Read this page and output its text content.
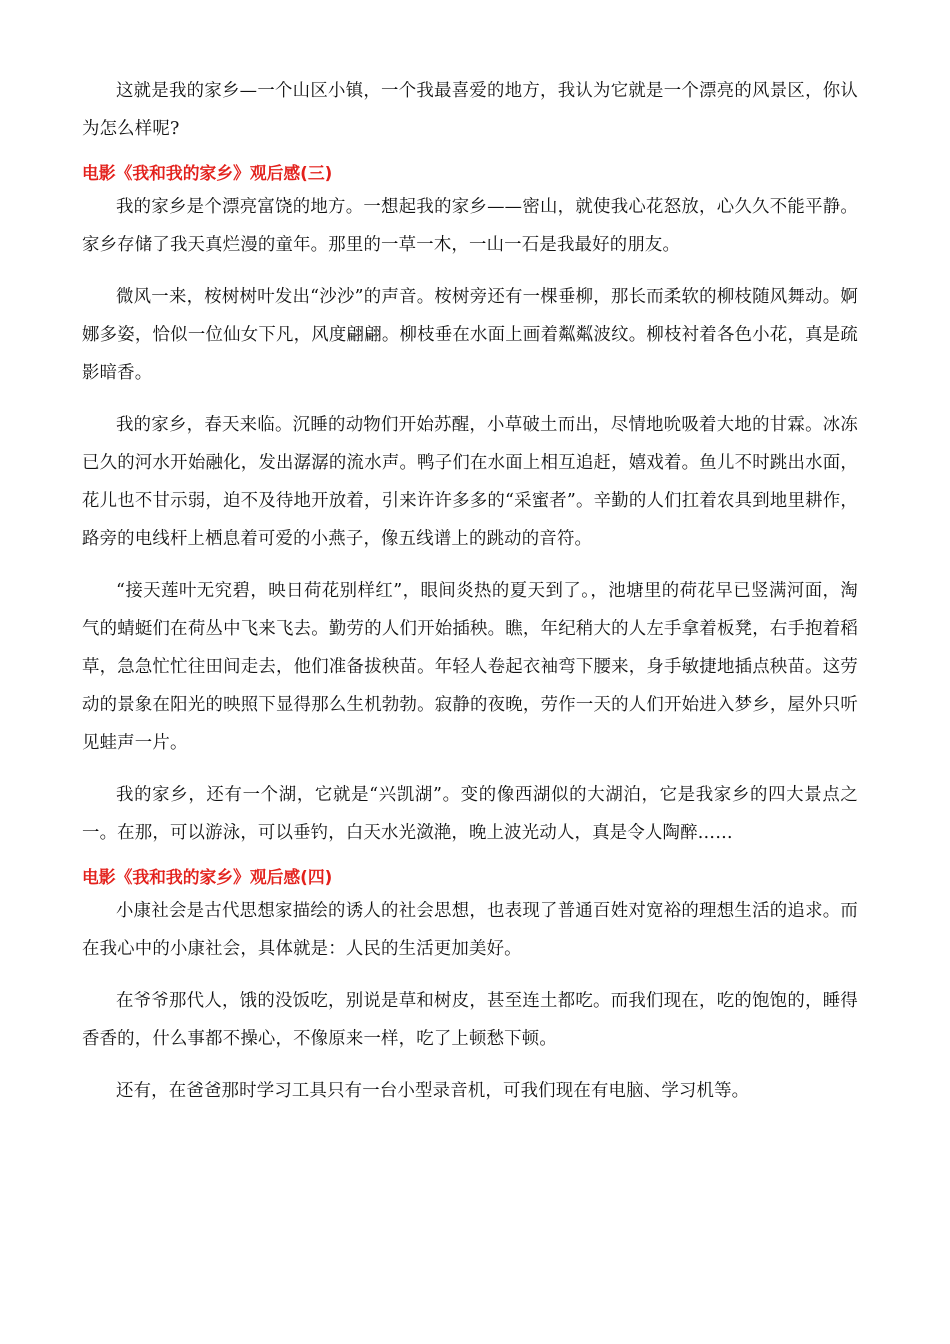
这就是我的家乡—一个山区小镇，一个我最喜爱的地方，我认为它就是一个漂亮的风景区，你认为怎么样呢?

电影《我和我的家乡》观后感(三)

我的家乡是个漂亮富饶的地方。一想起我的家乡——密山，就使我心花怒放，心久久不能平静。家乡存储了我天真烂漫的童年。那里的一草一木，一山一石是我最好的朋友。

微风一来，桉树树叶发出“沙沙”的声音。桉树旁还有一棵垂柳，那长而柔软的柳枝随风舞动。婀娜多姿，恰似一位仙女下凡，风度翩翩。柳枝垂在水面上画着粼粼波纹。柳枝衬着各色小花，真是疏影暗香。

我的家乡，春天来临。沉睡的动物们开始苏醒，小草破土而出，尽情地吮吸着大地的甘霖。冰冻已久的河水开始融化，发出潺潺的流水声。鸭子们在水面上相互追赶，嬉戏着。鱼儿不时跳出水面，花儿也不甘示弱，迫不及待地开放着，引来许许多多的“采蜜者”。辛勤的人们扛着农具到地里耕作，路旁的电线杆上栖息着可爱的小燕子，像五线谱上的跳动的音符。

“接天莲叶无究碧，映日荷花别样红”，眼间炎热的夏天到了。，池塘里的荷花早已竖满河面，淘气的蜻蜓们在荷丛中飞来飞去。勤劳的人们开始插秧。瞧，年纪稍大的人左手拿着板凳，右手抱着稻草，急急忙忙往田间走去，他们准备拔秧苗。年轻人卷起衣袖弯下腰来，身手敏捷地插点秧苗。这劳动的景象在阳光的映照下显得那么生机勃勃。寂静的夜晚，劳作一天的人们开始进入梦乡，屋外只听见蛙声一片。

我的家乡，还有一个湖，它就是“兴凯湖”。变的像西湖似的大湖泊，它是我家乡的四大景点之一。在那，可以游泳，可以垂钓，白天水光潋滟，晚上波光动人，真是令人陶醉……

电影《我和我的家乡》观后感(四)

小康社会是古代思想家描绘的诱人的社会思想，也表现了普通百姓对宽裕的理想生活的追求。而在我心中的小康社会，具体就是：人民的生活更加美好。

在爷爷那代人，饿的没饭吃，别说是草和树皮，甚至连土都吃。而我们现在，吃的饱饱的，睡得香香的，什么事都不操心，不像原来一样，吃了上顿愁下顿。

还有，在爸爸那时学习工具只有一台小型录音机，可我们现在有电脑、学习机等。
